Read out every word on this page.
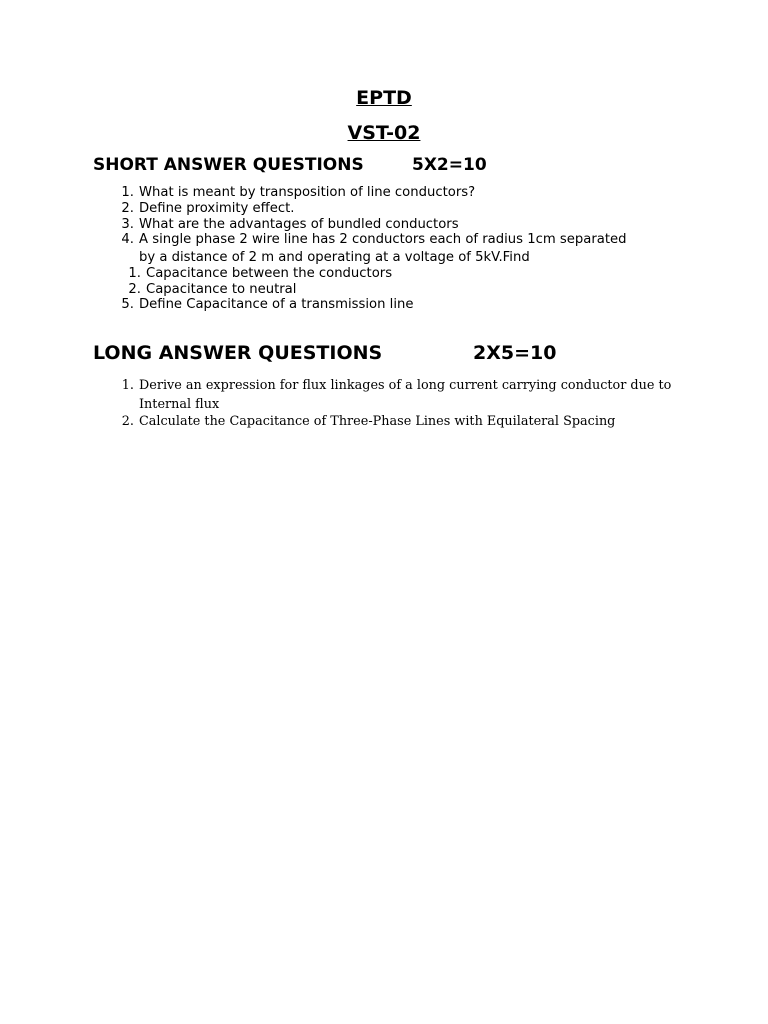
EPTD
VST-02
SHORT ANSWER QUESTIONS	5X2=10
1. What is meant by transposition of line conductors?
2. Define proximity effect.
3. What are the advantages of bundled conductors
4. A single phase 2 wire line has 2 conductors each of radius 1cm separated
by a distance of 2 m and operating at a voltage of 5kV.Find
1. Capacitance between the conductors
2. Capacitance to neutral
5. Define Capacitance of a transmission line
LONG ANSWER QUESTIONS	2X5=10
1. Derive an expression for flux linkages of a long current carrying conductor due to
Internal flux
2. Calculate the Capacitance of Three-Phase Lines with Equilateral Spacing
